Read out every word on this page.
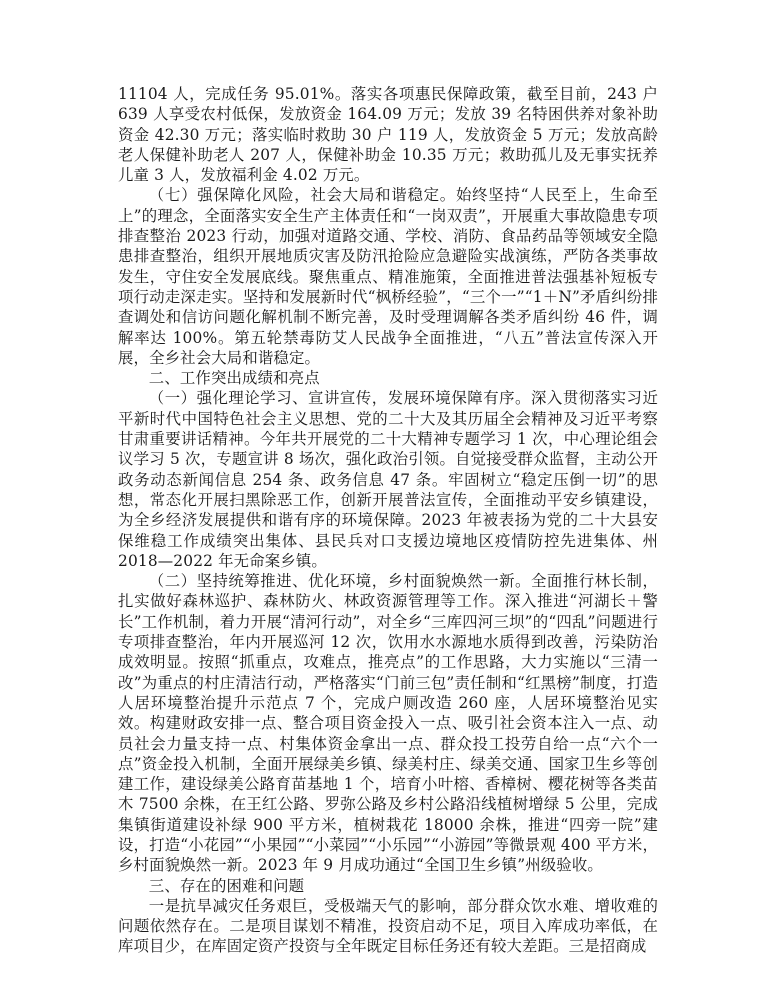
11104 人，完成任务 95.01%。落实各项惠民保障政策，截至目前，243 户 639 人享受农村低保，发放资金 164.09 万元；发放 39 名特困供养对象补助资金 42.30 万元；落实临时救助 30 户 119 人，发放资金 5 万元；发放高龄老人保健补助老人 207 人，保健补助金 10.35 万元；救助孤儿及无事实抚养儿童 3 人，发放福利金 4.02 万元。

（七）强保障化风险，社会大局和谐稳定。始终坚持“人民至上，生命至上”的理念，全面落实安全生产主体责任和“一岗双责”，开展重大事故隐患专项排查整治 2023 行动，加强对道路交通、学校、消防、食品药品等领域安全隐患排查整治，组织开展地质灾害及防汛抢险应急避险实战演练，严防各类事故发生，守住安全发展底线。聚焦重点、精准施策，全面推进普法强基补短板专项行动走深走实。坚持和发展新时代“枫桥经验”，“三个一”“1＋N”矛盾纠纷排查调处和信访问题化解机制不断完善，及时受理调解各类矛盾纠纷 46 件，调解率达 100%。第五轮禁毒防艾人民战争全面推进，“八五”普法宣传深入开展，全乡社会大局和谐稳定。

二、工作突出成绩和亮点

（一）强化理论学习、宣讲宣传，发展环境保障有序。深入贯彻落实习近平新时代中国特色社会主义思想、党的二十大及其历届全会精神及习近平考察甘肃重要讲话精神。今年共开展党的二十大精神专题学习 1 次，中心理论组会议学习 5 次，专题宣讲 8 场次，强化政治引领。自觉接受群众监督，主动公开政务动态新闻信息 254 条、政务信息 47 条。牢固树立“稳定压倒一切”的思想，常态化开展扫黑除恶工作，创新开展普法宣传，全面推动平安乡镇建设，为全乡经济发展提供和谐有序的环境保障。2023 年被表扬为党的二十大县安保维稳工作成绩突出集体、县民兵对口支援边境地区疫情防控先进集体、州 2018—2022 年无命案乡镇。

（二）坚持统筹推进、优化环境，乡村面貌焕然一新。全面推行林长制，扎实做好森林巡护、森林防火、林政资源管理等工作。深入推进“河湖长＋警长”工作机制，着力开展“清河行动”，对全乡“三库四河三坝”的“四乱”问题进行专项排查整治，年内开展巡河 12 次，饮用水水源地水质得到改善，污染防治成效明显。按照“抓重点，攻难点，推亮点”的工作思路，大力实施以“三清一改”为重点的村庄清洁行动，严格落实“门前三包”责任制和“红黑榜”制度，打造人居环境整治提升示范点 7 个，完成户厕改造 260 座，人居环境整治见实效。构建财政安排一点、整合项目资金投入一点、吸引社会资本注入一点、动员社会力量支持一点、村集体资金拿出一点、群众投工投劳自给一点“六个一点”资金投入机制，全面开展绿美乡镇、绿美村庄、绿美交通、国家卫生乡等创建工作，建设绿美公路育苗基地 1 个，培育小叶榕、香樟树、樱花树等各类苗木 7500 余株，在王红公路、罗弥公路及乡村公路沿线植树增绿 5 公里，完成集镇街道建设补绿 900 平方米，植树栽花 18000 余株，推进“四旁一院”建设，打造“小花园”“小果园”“小菜园”“小乐园”“小游园”等微景观 400 平方米，乡村面貌焕然一新。2023 年 9 月成功通过“全国卫生乡镇”州级验收。

三、存在的困难和问题

一是抗旱减灾任务艰巨，受极端天气的影响，部分群众饮水难、增收难的问题依然存在。二是项目谋划不精准，投资启动不足，项目入库成功率低，在库项目少，在库固定资产投资与全年既定目标任务还有较大差距。三是招商成
